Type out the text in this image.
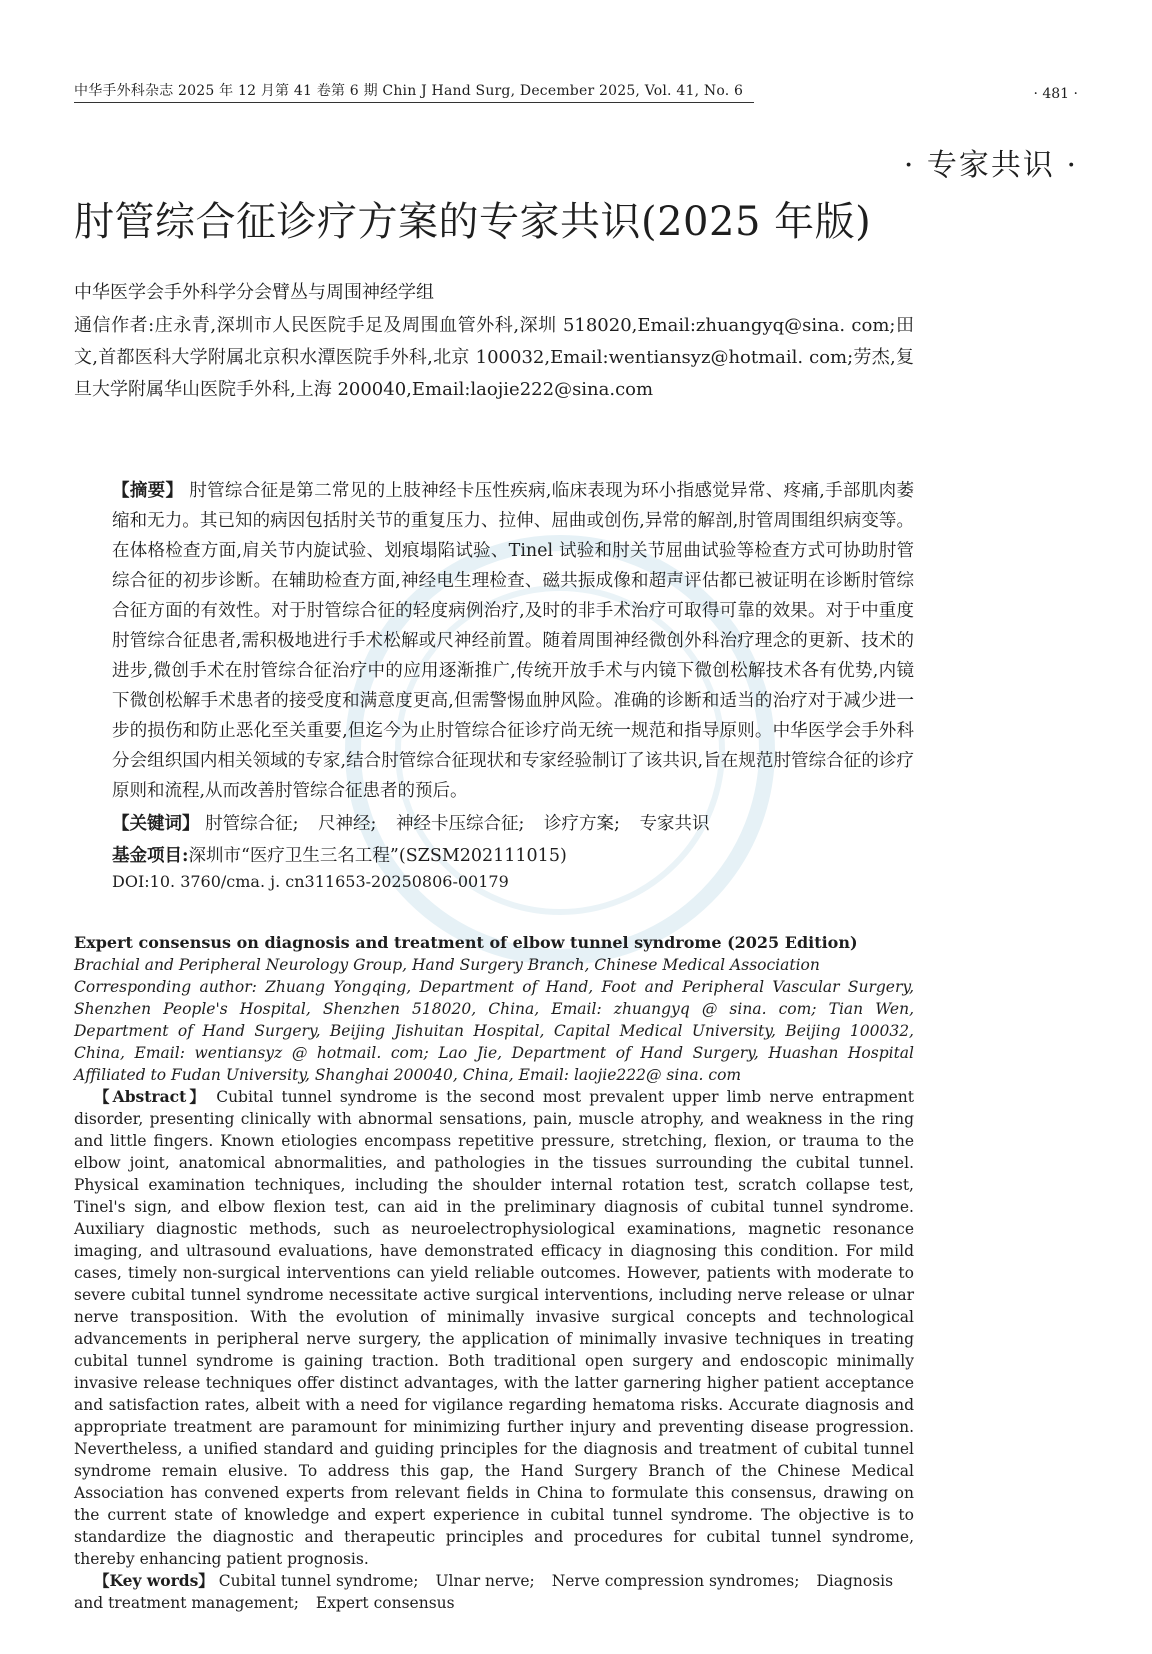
中华手外科杂志 2025 年 12 月第 41 卷第 6 期 Chin J Hand Surg, December 2025, Vol. 41, No. 6	· 481 ·
· 专家共识 ·
肘管综合征诊疗方案的专家共识(2025 年版)
中华医学会手外科学分会臂丛与周围神经学组
通信作者:庄永青,深圳市人民医院手足及周围血管外科,深圳 518020,Email:zhuangyq@sina. com;田文,首都医科大学附属北京积水潭医院手外科,北京 100032,Email:wentiansyz@hotmail. com;劳杰,复旦大学附属华山医院手外科,上海 200040,Email:laojie222@sina.com
【摘要】 肘管综合征是第二常见的上肢神经卡压性疾病,临床表现为环小指感觉异常、疼痛,手部肌肉萎缩和无力。其已知的病因包括肘关节的重复压力、拉伸、屈曲或创伤,异常的解剖,肘管周围组织病变等。在体格检查方面,肩关节内旋试验、划痕塌陷试验、Tinel 试验和肘关节屈曲试验等检查方式可协助肘管综合征的初步诊断。在辅助检查方面,神经电生理检查、磁共振成像和超声评估都已被证明在诊断肘管综合征方面的有效性。对于肘管综合征的轻度病例治疗,及时的非手术治疗可取得可靠的效果。对于中重度肘管综合征患者,需积极地进行手术松解或尺神经前置。随着周围神经微创外科治疗理念的更新、技术的进步,微创手术在肘管综合征治疗中的应用逐渐推广,传统开放手术与内镜下微创松解技术各有优势,内镜下微创松解手术患者的接受度和满意度更高,但需警惕血肿风险。准确的诊断和适当的治疗对于减少进一步的损伤和防止恶化至关重要,但迄今为止肘管综合征诊疗尚无统一规范和指导原则。中华医学会手外科分会组织国内相关领域的专家,结合肘管综合征现状和专家经验制订了该共识,旨在规范肘管综合征的诊疗原则和流程,从而改善肘管综合征患者的预后。
【关键词】 肘管综合征; 尺神经; 神经卡压综合征; 诊疗方案; 专家共识
基金项目:深圳市“医疗卫生三名工程”(SZSM202111015)
DOI:10. 3760/cma. j. cn311653-20250806-00179
Expert consensus on diagnosis and treatment of elbow tunnel syndrome (2025 Edition)
Brachial and Peripheral Neurology Group, Hand Surgery Branch, Chinese Medical Association
Corresponding author: Zhuang Yongqing, Department of Hand, Foot and Peripheral Vascular Surgery, Shenzhen People's Hospital, Shenzhen 518020, China, Email: zhuangyq @ sina. com; Tian Wen, Department of Hand Surgery, Beijing Jishuitan Hospital, Capital Medical University, Beijing 100032, China, Email: wentiansyz @ hotmail. com; Lao Jie, Department of Hand Surgery, Huashan Hospital Affiliated to Fudan University, Shanghai 200040, China, Email: laojie222@ sina. com
【Abstract】 Cubital tunnel syndrome is the second most prevalent upper limb nerve entrapment disorder, presenting clinically with abnormal sensations, pain, muscle atrophy, and weakness in the ring and little fingers. Known etiologies encompass repetitive pressure, stretching, flexion, or trauma to the elbow joint, anatomical abnormalities, and pathologies in the tissues surrounding the cubital tunnel. Physical examination techniques, including the shoulder internal rotation test, scratch collapse test, Tinel's sign, and elbow flexion test, can aid in the preliminary diagnosis of cubital tunnel syndrome. Auxiliary diagnostic methods, such as neuroelectrophysiological examinations, magnetic resonance imaging, and ultrasound evaluations, have demonstrated efficacy in diagnosing this condition. For mild cases, timely non-surgical interventions can yield reliable outcomes. However, patients with moderate to severe cubital tunnel syndrome necessitate active surgical interventions, including nerve release or ulnar nerve transposition. With the evolution of minimally invasive surgical concepts and technological advancements in peripheral nerve surgery, the application of minimally invasive techniques in treating cubital tunnel syndrome is gaining traction. Both traditional open surgery and endoscopic minimally invasive release techniques offer distinct advantages, with the latter garnering higher patient acceptance and satisfaction rates, albeit with a need for vigilance regarding hematoma risks. Accurate diagnosis and appropriate treatment are paramount for minimizing further injury and preventing disease progression. Nevertheless, a unified standard and guiding principles for the diagnosis and treatment of cubital tunnel syndrome remain elusive. To address this gap, the Hand Surgery Branch of the Chinese Medical Association has convened experts from relevant fields in China to formulate this consensus, drawing on the current state of knowledge and expert experience in cubital tunnel syndrome. The objective is to standardize the diagnostic and therapeutic principles and procedures for cubital tunnel syndrome, thereby enhancing patient prognosis.
【Key words】 Cubital tunnel syndrome; Ulnar nerve; Nerve compression syndromes; Diagnosis and treatment management; Expert consensus
